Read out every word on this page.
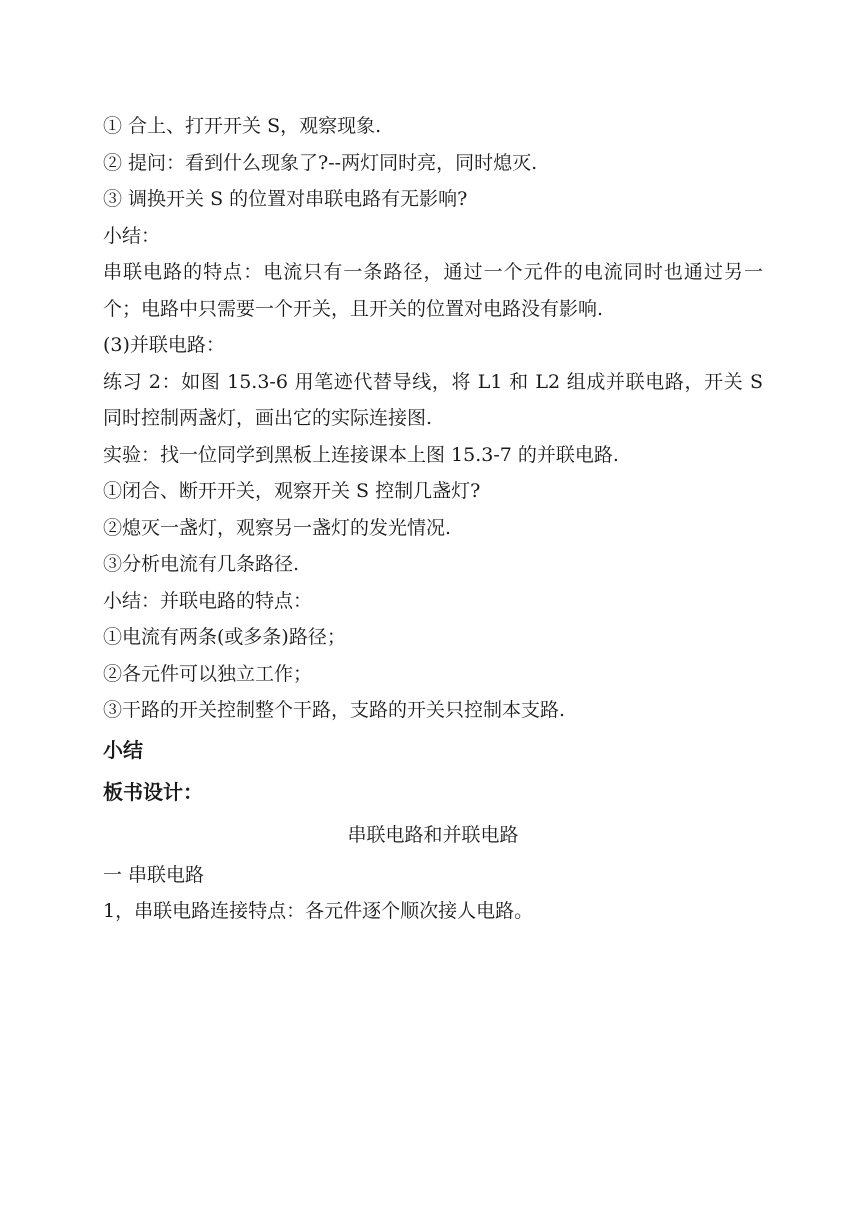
① 合上、打开开关 S，观察现象.

② 提问：看到什么现象了?--两灯同时亮，同时熄灭.

③ 调换开关 S 的位置对串联电路有无影响?

小结：

串联电路的特点：电流只有一条路径，通过一个元件的电流同时也通过另一个；电路中只需要一个开关，且开关的位置对电路没有影响.

(3)并联电路：

练习 2：如图 15.3-6 用笔迹代替导线，将 L1 和 L2 组成并联电路，开关 S 同时控制两盏灯，画出它的实际连接图.

实验：找一位同学到黑板上连接课本上图 15.3-7 的并联电路.

①闭合、断开开关，观察开关 S 控制几盏灯?

②熄灭一盏灯，观察另一盏灯的发光情况.

③分析电流有几条路径.

小结：并联电路的特点：

①电流有两条(或多条)路径；

②各元件可以独立工作；

③干路的开关控制整个干路，支路的开关只控制本支路.

小结

板书设计：

串联电路和并联电路

一 串联电路

1，串联电路连接特点：各元件逐个顺次接人电路。
